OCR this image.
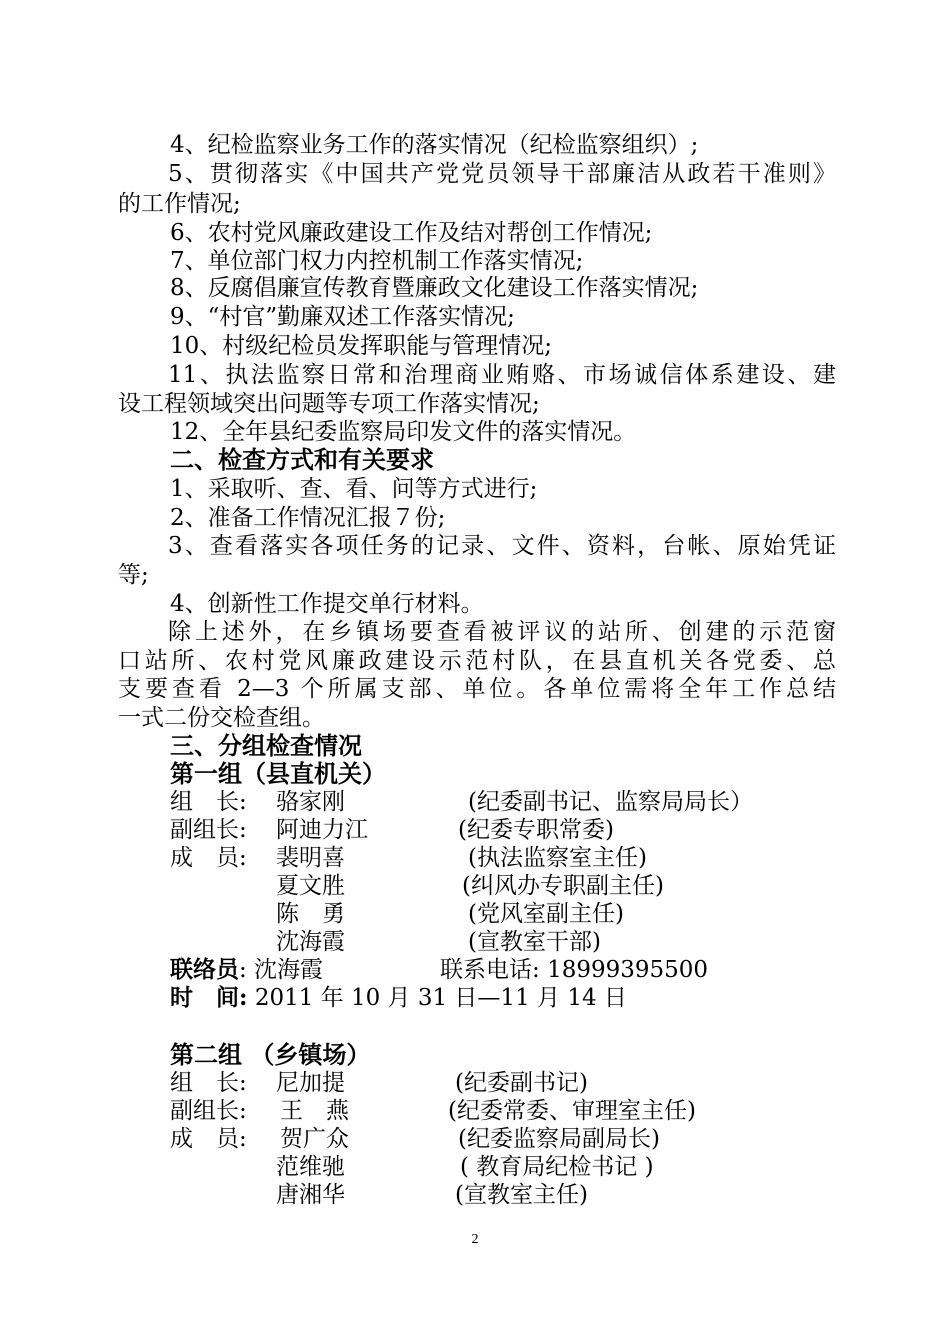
4、纪检监察业务工作的落实情况（纪检监察组织）;
5、贯彻落实《中国共产党党员领导干部廉洁从政若干准则》
的工作情况;
6、农村党风廉政建设工作及结对帮创工作情况;
7、单位部门权力内控机制工作落实情况;
8、反腐倡廉宣传教育暨廉政文化建设工作落实情况;
9、“村官”勤廉双述工作落实情况;
10、村级纪检员发挥职能与管理情况;
11、执法监察日常和治理商业贿赂、市场诚信体系建设、建
设工程领域突出问题等专项工作落实情况;
12、全年县纪委监察局印发文件的落实情况。
二、检查方式和有关要求
1、采取听、查、看、问等方式进行;
2、准备工作情况汇报７份;
3、查看落实各项任务的记录、文件、资料，台帐、原始凭证
等;
4、创新性工作提交单行材料。
除上述外，在乡镇场要查看被评议的站所、创建的示范窗
口站所、农村党风廉政建设示范村队，在县直机关各党委、总
支要查看 2—3 个所属支部、单位。各单位需将全年工作总结
一式二份交检查组。
三、分组检查情况
第一组（县直机关）
组　长: 骆家刚	(纪委副书记、监察局局长）
副组长: 阿迪力江	(纪委专职常委)
成　员: 裴明喜	(执法监察室主任)
夏文胜	(纠风办专职副主任)
陈　勇	(党风室副主任)
沈海霞	(宣教室干部)
联络员: 沈海霞	联系电话: 18999395500
时　间: 2011 年 10 月 31 日—11 月 14 日
第二组 （乡镇场）
组　长: 尼加提	(纪委副书记)
副组长: 王　燕	(纪委常委、审理室主任)
成　员: 贺广众	(纪委监察局副局长)
范维驰	( 教育局纪检书记 )
唐湘华	(宣教室主任)
2
